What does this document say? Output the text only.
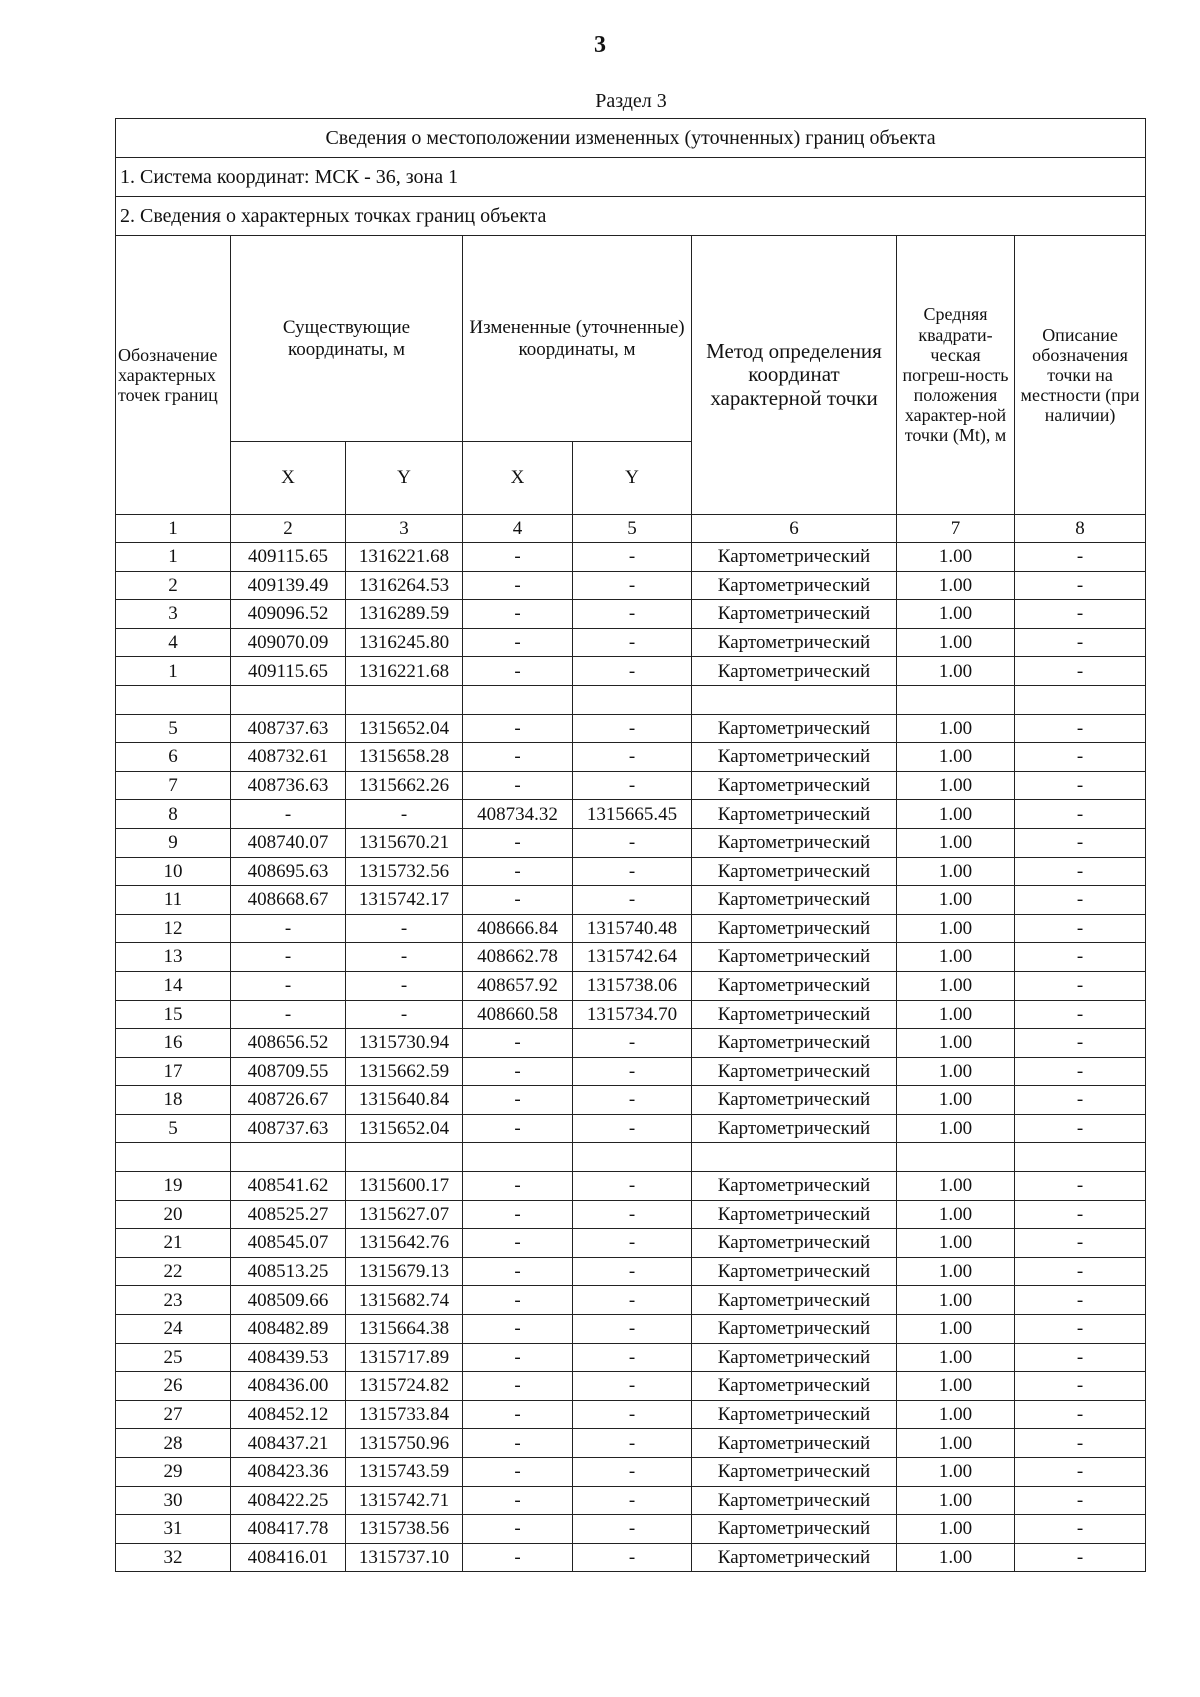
3
Раздел 3
Сведения о местоположении измененных (уточненных) границ объекта							
1. Система координат: МСК - 36, зона 1							
2. Сведения о характерных точках границ объекта							
Обозначение характерных точек границ	Существующие координаты, м		Измененные (уточненные) координаты, м		Метод определения координат характерной точки	Средняя квадрати-ческая погреш-ность положения характер-ной точки (Mt), м	Описание обозначения точки на местности (при наличии)
	X	Y	X	Y			
1	2	3	4	5	6	7	8
1	409115.65	1316221.68	-	-	Картометрический	1.00	-
2	409139.49	1316264.53	-	-	Картометрический	1.00	-
3	409096.52	1316289.59	-	-	Картометрический	1.00	-
4	409070.09	1316245.80	-	-	Картометрический	1.00	-
1	409115.65	1316221.68	-	-	Картометрический	1.00	-

5	408737.63	1315652.04	-	-	Картометрический	1.00	-
6	408732.61	1315658.28	-	-	Картометрический	1.00	-
7	408736.63	1315662.26	-	-	Картометрический	1.00	-
8	-	-	408734.32	1315665.45	Картометрический	1.00	-
9	408740.07	1315670.21	-	-	Картометрический	1.00	-
10	408695.63	1315732.56	-	-	Картометрический	1.00	-
11	408668.67	1315742.17	-	-	Картометрический	1.00	-
12	-	-	408666.84	1315740.48	Картометрический	1.00	-
13	-	-	408662.78	1315742.64	Картометрический	1.00	-
14	-	-	408657.92	1315738.06	Картометрический	1.00	-
15	-	-	408660.58	1315734.70	Картометрический	1.00	-
16	408656.52	1315730.94	-	-	Картометрический	1.00	-
17	408709.55	1315662.59	-	-	Картометрический	1.00	-
18	408726.67	1315640.84	-	-	Картометрический	1.00	-
5	408737.63	1315652.04	-	-	Картометрический	1.00	-

19	408541.62	1315600.17	-	-	Картометрический	1.00	-
20	408525.27	1315627.07	-	-	Картометрический	1.00	-
21	408545.07	1315642.76	-	-	Картометрический	1.00	-
22	408513.25	1315679.13	-	-	Картометрический	1.00	-
23	408509.66	1315682.74	-	-	Картометрический	1.00	-
24	408482.89	1315664.38	-	-	Картометрический	1.00	-
25	408439.53	1315717.89	-	-	Картометрический	1.00	-
26	408436.00	1315724.82	-	-	Картометрический	1.00	-
27	408452.12	1315733.84	-	-	Картометрический	1.00	-
28	408437.21	1315750.96	-	-	Картометрический	1.00	-
29	408423.36	1315743.59	-	-	Картометрический	1.00	-
30	408422.25	1315742.71	-	-	Картометрический	1.00	-
31	408417.78	1315738.56	-	-	Картометрический	1.00	-
32	408416.01	1315737.10	-	-	Картометрический	1.00	-
